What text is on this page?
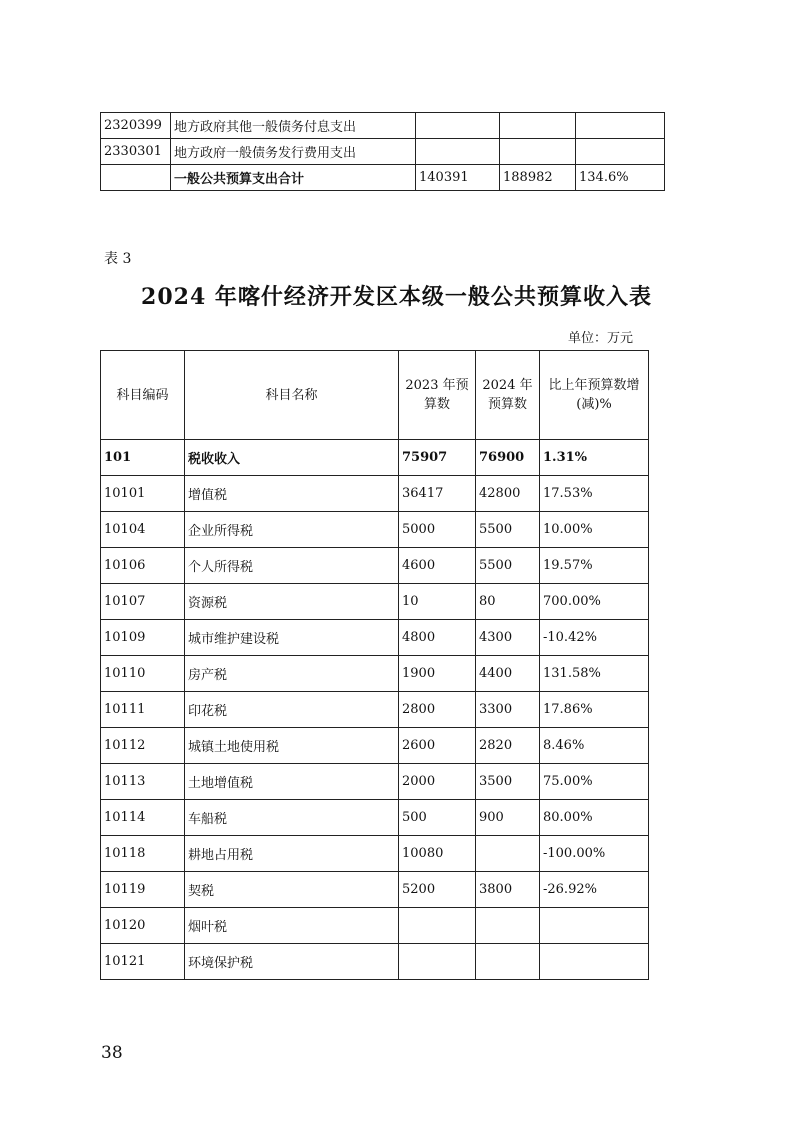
2320399	地方政府其他一般债务付息支出			
2330301	地方政府一般债务发行费用支出			
	一般公共预算支出合计	140391	188982	134.6%
表 3
2024 年喀什经济开发区本级一般公共预算收入表
单位：万元
科目编码	科目名称	2023 年预算数	2024 年预算数	比上年预算数增(减)%
101	税收收入	75907	76900	1.31%
10101	增值税	36417	42800	17.53%
10104	企业所得税	5000	5500	10.00%
10106	个人所得税	4600	5500	19.57%
10107	资源税	10	80	700.00%
10109	城市维护建设税	4800	4300	-10.42%
10110	房产税	1900	4400	131.58%
10111	印花税	2800	3300	17.86%
10112	城镇土地使用税	2600	2820	8.46%
10113	土地增值税	2000	3500	75.00%
10114	车船税	500	900	80.00%
10118	耕地占用税	10080		-100.00%
10119	契税	5200	3800	-26.92%
10120	烟叶税			
10121	环境保护税			
38
